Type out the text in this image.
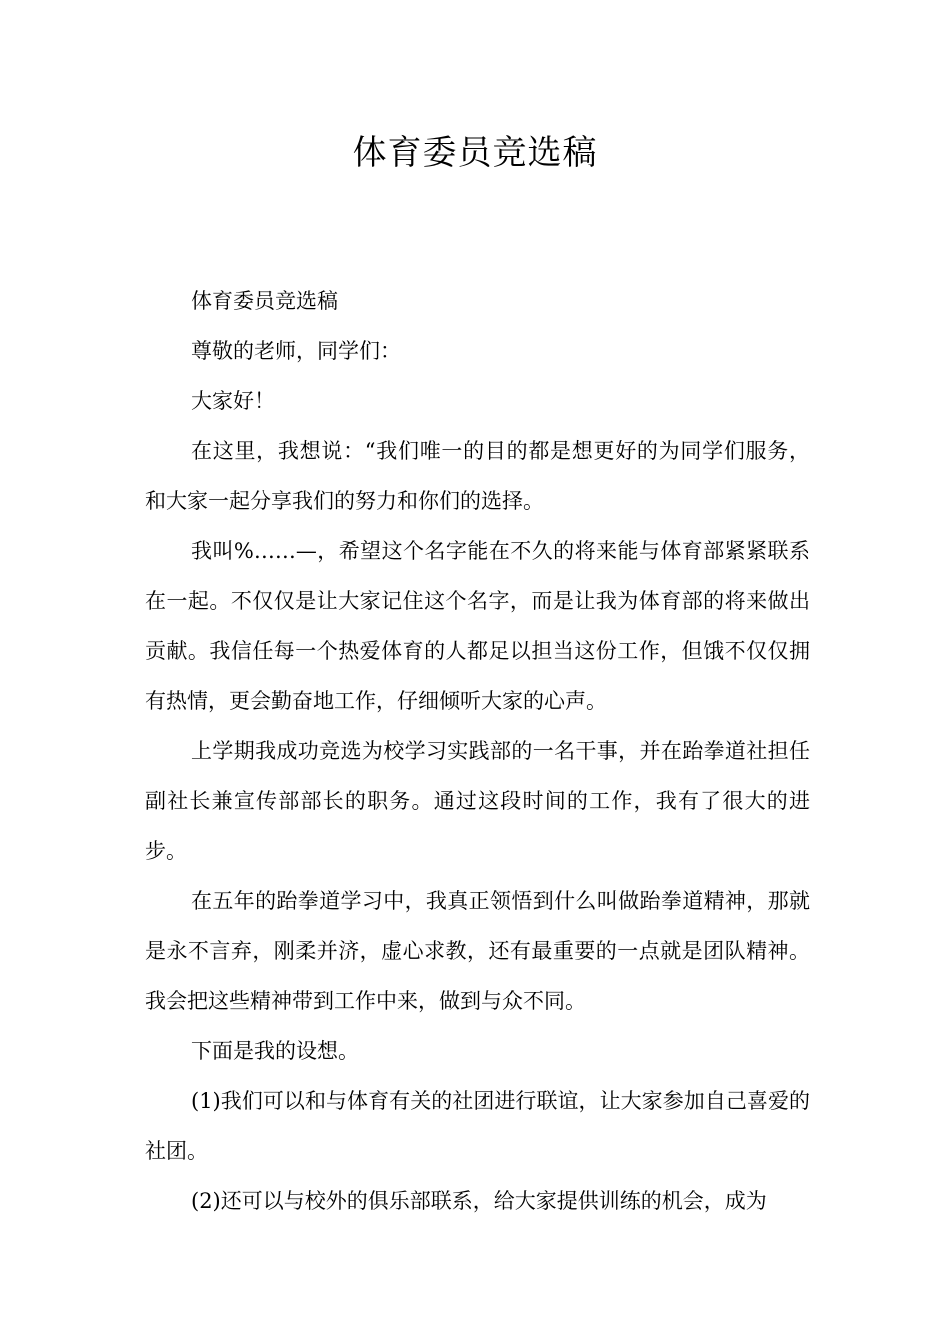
体育委员竞选稿

体育委员竞选稿

尊敬的老师，同学们：

大家好！

在这里，我想说：“我们唯一的目的都是想更好的为同学们服务，和大家一起分享我们的努力和你们的选择。

我叫%……—，希望这个名字能在不久的将来能与体育部紧紧联系在一起。不仅仅是让大家记住这个名字，而是让我为体育部的将来做出贡献。我信任每一个热爱体育的人都足以担当这份工作，但饿不仅仅拥有热情，更会勤奋地工作，仔细倾听大家的心声。

上学期我成功竞选为校学习实践部的一名干事，并在跆拳道社担任副社长兼宣传部部长的职务。通过这段时间的工作，我有了很大的进步。

在五年的跆拳道学习中，我真正领悟到什么叫做跆拳道精神，那就是永不言弃，刚柔并济，虚心求教，还有最重要的一点就是团队精神。我会把这些精神带到工作中来，做到与众不同。

下面是我的设想。

(1)我们可以和与体育有关的社团进行联谊，让大家参加自己喜爱的社团。

(2)还可以与校外的俱乐部联系，给大家提供训练的机会，成为
